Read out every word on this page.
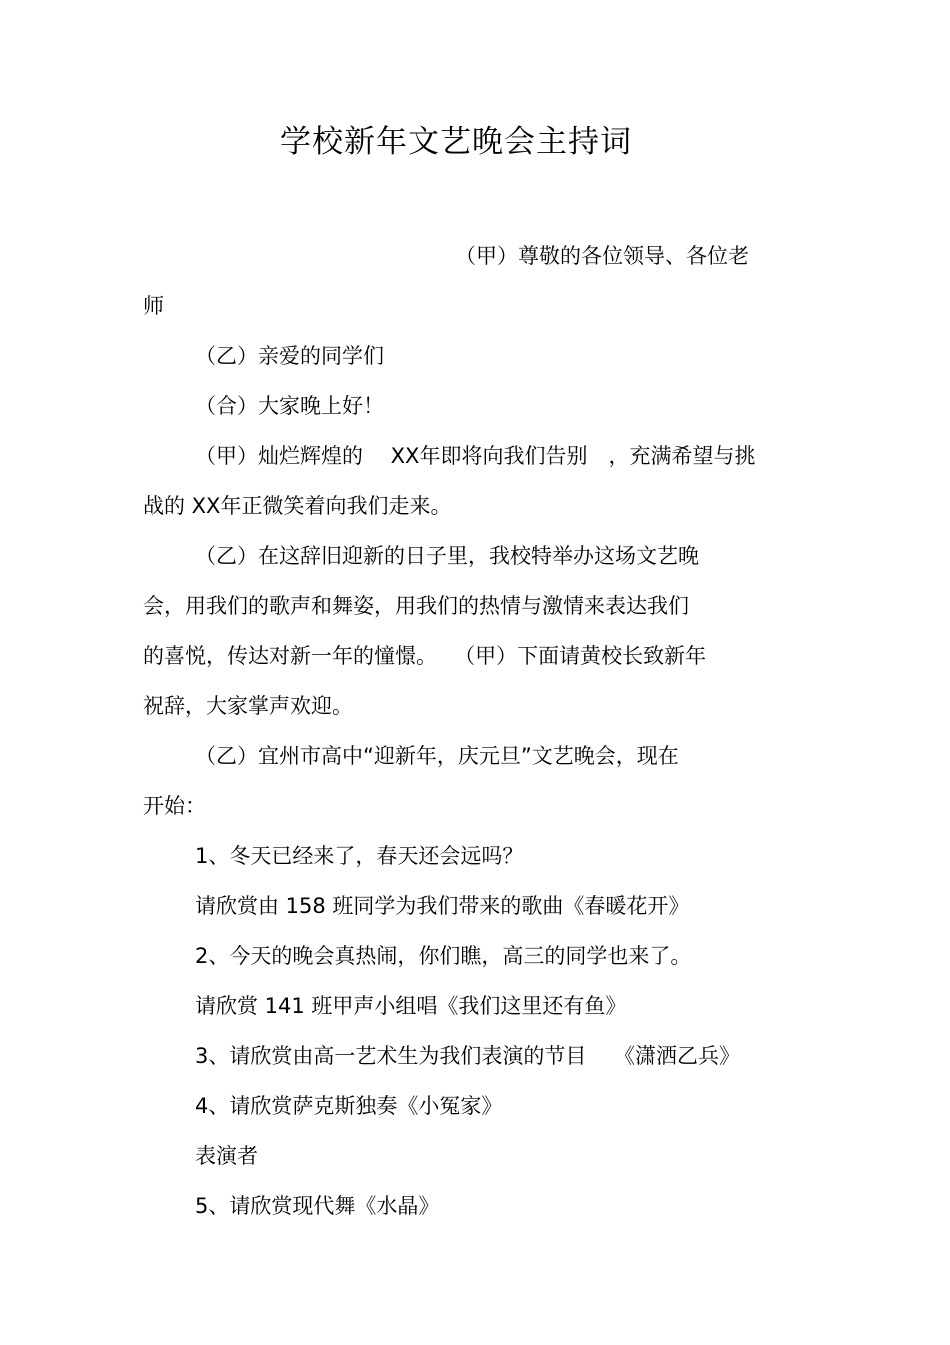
学校新年文艺晚会主持词
（甲）尊敬的各位领导、各位老
师
（乙）亲爱的同学们
（合）大家晚上好！
（甲）灿烂辉煌的　 XX年即将向我们告别　，充满希望与挑
战的 XX年正微笑着向我们走来。
（乙）在这辞旧迎新的日子里，我校特举办这场文艺晚
会，用我们的歌声和舞姿，用我们的热情与激情来表达我们
的喜悦，传达对新一年的憧憬。　 （甲）下面请黄校长致新年
祝辞，大家掌声欢迎。
（乙）宜州市高中“迎新年，庆元旦”文艺晚会，现在
开始：
1、冬天已经来了，春天还会远吗？
请欣赏由 158 班同学为我们带来的歌曲《春暖花开》
2、今天的晚会真热闹，你们瞧，高三的同学也来了。
请欣赏 141 班甲声小组唱《我们这里还有鱼》
3、请欣赏由高一艺术生为我们表演的节目　 《潇洒乙兵》
4、请欣赏萨克斯独奏《小冤家》
表演者
5、请欣赏现代舞《水晶》
